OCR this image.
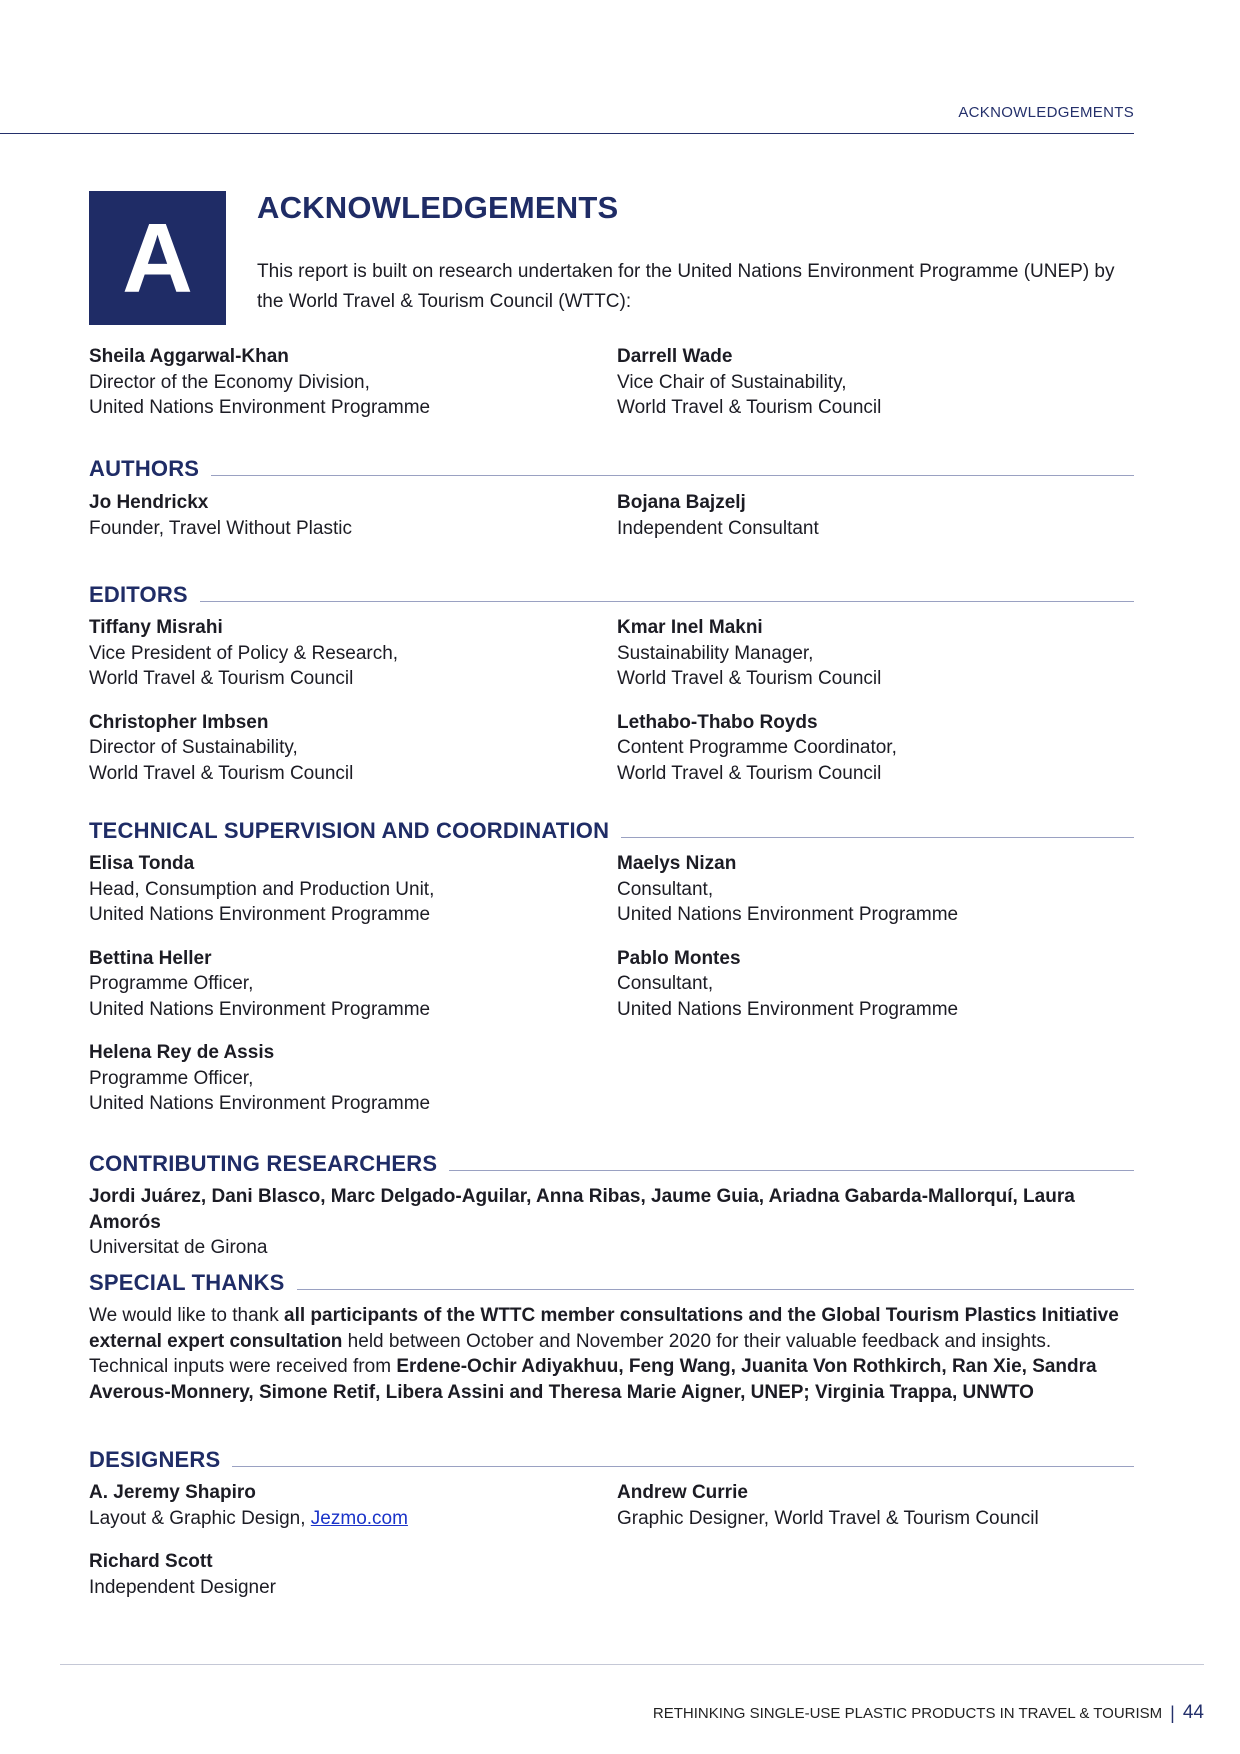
ACKNOWLEDGEMENTS
A	ACKNOWLEDGEMENTS

This report is built on research undertaken for the United Nations Environment Programme (UNEP) by the World Travel & Tourism Council (WTTC):

Sheila Aggarwal-Khan
Director of the Economy Division,
United Nations Environment Programme
Darrell Wade
Vice Chair of Sustainability,
World Travel & Tourism Council
AUTHORS
Jo Hendrickx
Founder, Travel Without Plastic
Bojana Bajzelj
Independent Consultant
EDITORS
Tiffany Misrahi
Vice President of Policy & Research,
World Travel & Tourism Council
Kmar Inel Makni
Sustainability Manager,
World Travel & Tourism Council
Christopher Imbsen
Director of Sustainability,
World Travel & Tourism Council
Lethabo-Thabo Royds
Content Programme Coordinator,
World Travel & Tourism Council
TECHNICAL SUPERVISION AND COORDINATION
Elisa Tonda
Head, Consumption and Production Unit,
United Nations Environment Programme
Maelys Nizan
Consultant,
United Nations Environment Programme
Bettina Heller
Programme Officer,
United Nations Environment Programme
Pablo Montes
Consultant,
United Nations Environment Programme
Helena Rey de Assis
Programme Officer,
United Nations Environment Programme
CONTRIBUTING RESEARCHERS

Jordi Juárez, Dani Blasco, Marc Delgado-Aguilar, Anna Ribas, Jaume Guia, Ariadna Gabarda-Mallorquí, Laura Amorós
Universitat de Girona

SPECIAL THANKS

We would like to thank all participants of the WTTC member consultations and the Global Tourism Plastics Initiative external expert consultation held between October and November 2020 for their valuable feedback and insights. Technical inputs were received from Erdene-Ochir Adiyakhuu, Feng Wang, Juanita Von Rothkirch, Ran Xie, Sandra Averous-Monnery, Simone Retif, Libera Assini and Theresa Marie Aigner, UNEP; Virginia Trappa, UNWTO

DESIGNERS
A. Jeremy Shapiro
Layout & Graphic Design, Jezmo.com
Andrew Currie
Graphic Designer, World Travel & Tourism Council
Richard Scott
Independent Designer
RETHINKING SINGLE-USE PLASTIC PRODUCTS IN TRAVEL & TOURISM | 44
